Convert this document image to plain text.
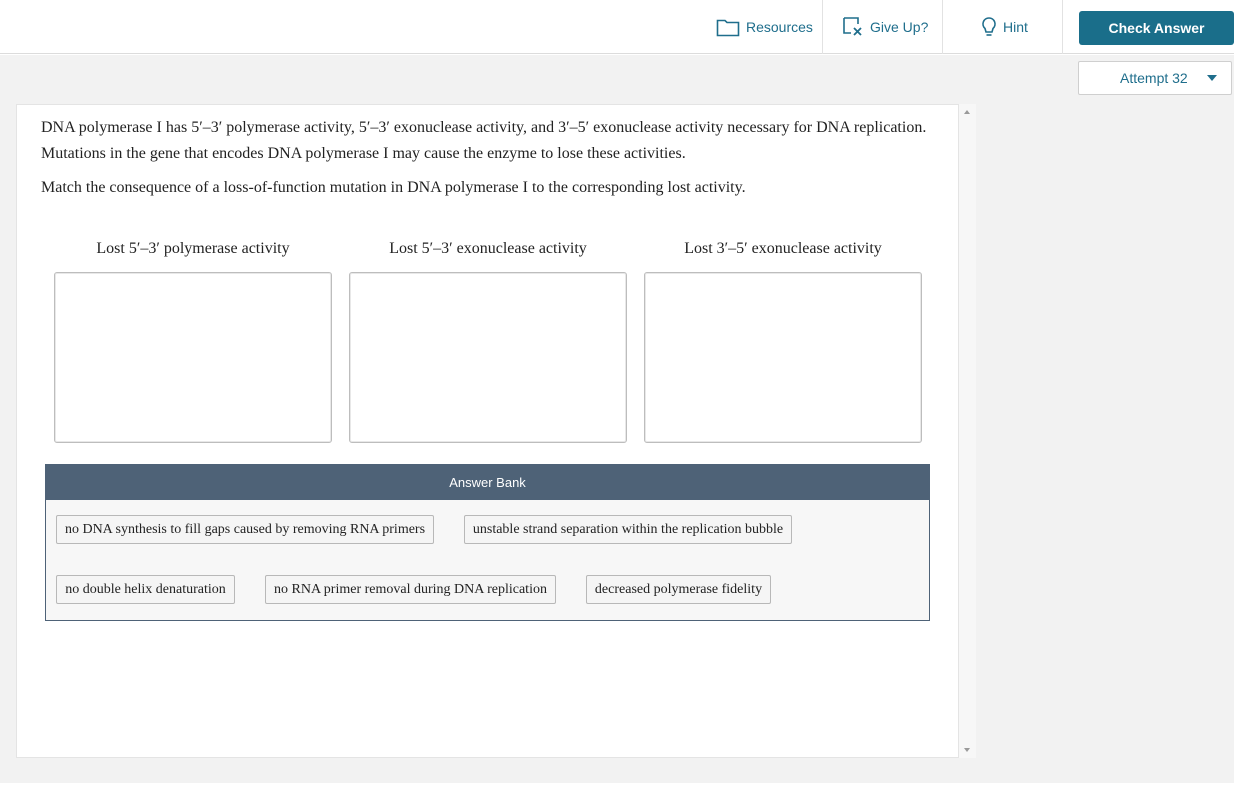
Resources	Give Up?	Hint	Check Answer
Attempt 32

DNA polymerase I has 5′–3′ polymerase activity, 5′–3′ exonuclease activity, and 3′–5′ exonuclease activity necessary for DNA replication. Mutations in the gene that encodes DNA polymerase I may cause the enzyme to lose these activities.

Match the consequence of a loss-of-function mutation in DNA polymerase I to the corresponding lost activity.

Lost 5′–3′ polymerase activity	Lost 5′–3′ exonuclease activity	Lost 3′–5′ exonuclease activity
Answer Bank
no DNA synthesis to fill gaps caused by removing RNA primers	unstable strand separation within the replication bubble
no double helix denaturation	no RNA primer removal during DNA replication	decreased polymerase fidelity
